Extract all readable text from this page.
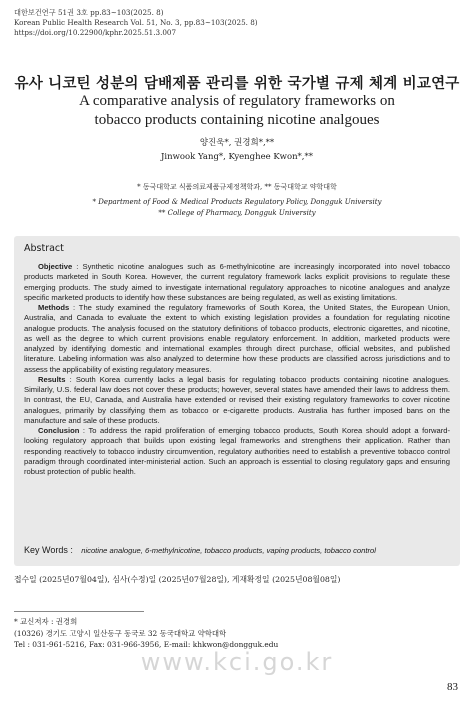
대한보건연구 51권 3호 pp.83~103(2025. 8)
Korean Public Health Research Vol. 51, No. 3, pp.83~103(2025. 8)
https://doi.org/10.22900/kphr.2025.51.3.007
유사 니코틴 성분의 담배제품 관리를 위한 국가별 규제 체계 비교연구
A comparative analysis of regulatory frameworks on
tobacco products containing nicotine analgoues
양진욱*, 권경희*,**
Jinwook Yang*, Kyenghee Kwon*,**
* 동국대학교 식품의료제품규제정책학과, ** 동국대학교 약학대학
* Department of Food & Medical Products Regulatory Policy, Dongguk University
** College of Pharmacy, Dongguk University
Abstract

Objective : Synthetic nicotine analogues such as 6-methylnicotine are increasingly incorporated into novel tobacco products marketed in South Korea. However, the current regulatory framework lacks explicit provisions to regulate these emerging products. The study aimed to investigate international regulatory approaches to nicotine analogues and analyze specific marketed products to identify how these substances are being regulated, as well as existing limitations.

Methods : The study examined the regulatory frameworks of South Korea, the United States, the European Union, Australia, and Canada to evaluate the extent to which existing legislation provides a foundation for regulating nicotine analogue products. The analysis focused on the statutory definitions of tobacco products, electronic cigarettes, and nicotine, as well as the degree to which current provisions enable regulatory enforcement. In addition, marketed products were analyzed by identifying domestic and international examples through direct purchase, official websites, and published literature. Labeling information was also analyzed to determine how these products are classified across jurisdictions and to assess the applicability of existing regulatory measures.

Results : South Korea currently lacks a legal basis for regulating tobacco products containing nicotine analogues. Similarly, U.S. federal law does not cover these products; however, several states have amended their laws to address them. In contrast, the EU, Canada, and Australia have extended or revised their existing regulatory frameworks to cover nicotine analogues, primarily by classifying them as tobacco or e-cigarette products. Australia has further imposed bans on the manufacture and sale of these products.

Conclusion : To address the rapid proliferation of emerging tobacco products, South Korea should adopt a forward-looking regulatory approach that builds upon existing legal frameworks and strengthens their application. Rather than responding reactively to tobacco industry circumvention, regulatory authorities need to establish a preventive tobacco control paradigm through coordinated inter-ministerial action. Such an approach is essential to closing regulatory gaps and ensuring robust protection of public health.

Key Words : nicotine analogue, 6-methylnicotine, tobacco products, vaping products, tobacco control
접수일 (2025년07월04일), 심사(수정)일 (2025년07월28일), 게재확정일 (2025년08월08일)
* 교신저자 : 권경희
(10326) 경기도 고양시 일산동구 동국로 32 동국대학교 약학대학
Tel : 031-961-5216, Fax: 031-966-3956, E-mail: khkwon@dongguk.edu
www.kci.go.kr
83
